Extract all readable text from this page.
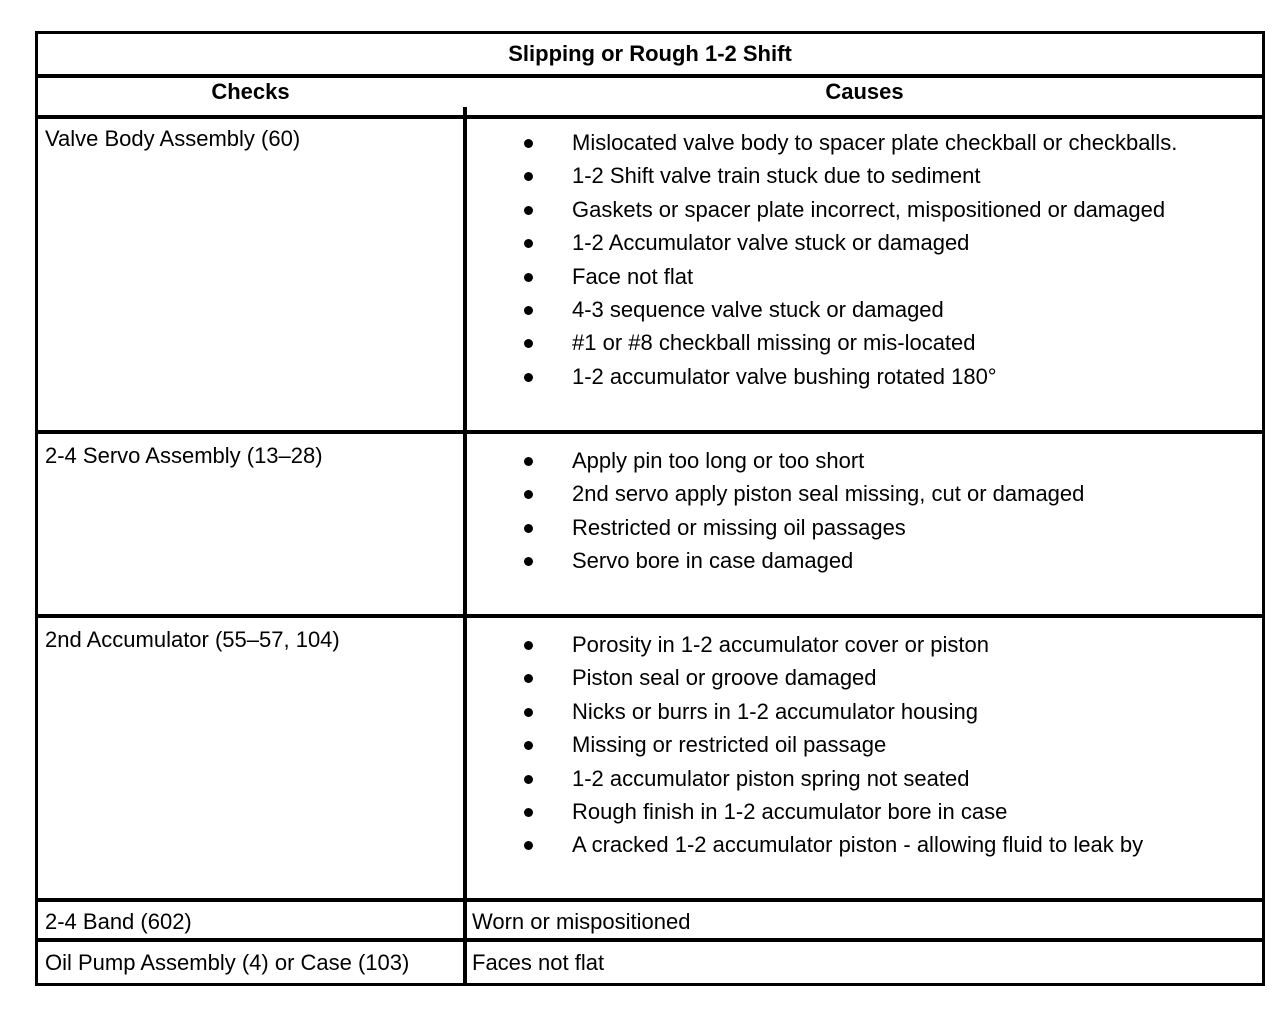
Slipping or Rough 1-2 Shift
Checks	Causes
Valve Body Assembly (60)	Mislocated valve body to spacer plate checkball or checkballs.
1-2 Shift valve train stuck due to sediment
Gaskets or spacer plate incorrect, mispositioned or damaged
1-2 Accumulator valve stuck or damaged
Face not flat
4-3 sequence valve stuck or damaged
#1 or #8 checkball missing or mis-located
1-2 accumulator valve bushing rotated 180°
2-4 Servo Assembly (13–28)	Apply pin too long or too short
2nd servo apply piston seal missing, cut or damaged
Restricted or missing oil passages
Servo bore in case damaged
2nd Accumulator (55–57, 104)	Porosity in 1-2 accumulator cover or piston
Piston seal or groove damaged
Nicks or burrs in 1-2 accumulator housing
Missing or restricted oil passage
1-2 accumulator piston spring not seated
Rough finish in 1-2 accumulator bore in case
A cracked 1-2 accumulator piston - allowing fluid to leak by
2-4 Band (602)	Worn or mispositioned
Oil Pump Assembly (4) or Case (103)	Faces not flat
